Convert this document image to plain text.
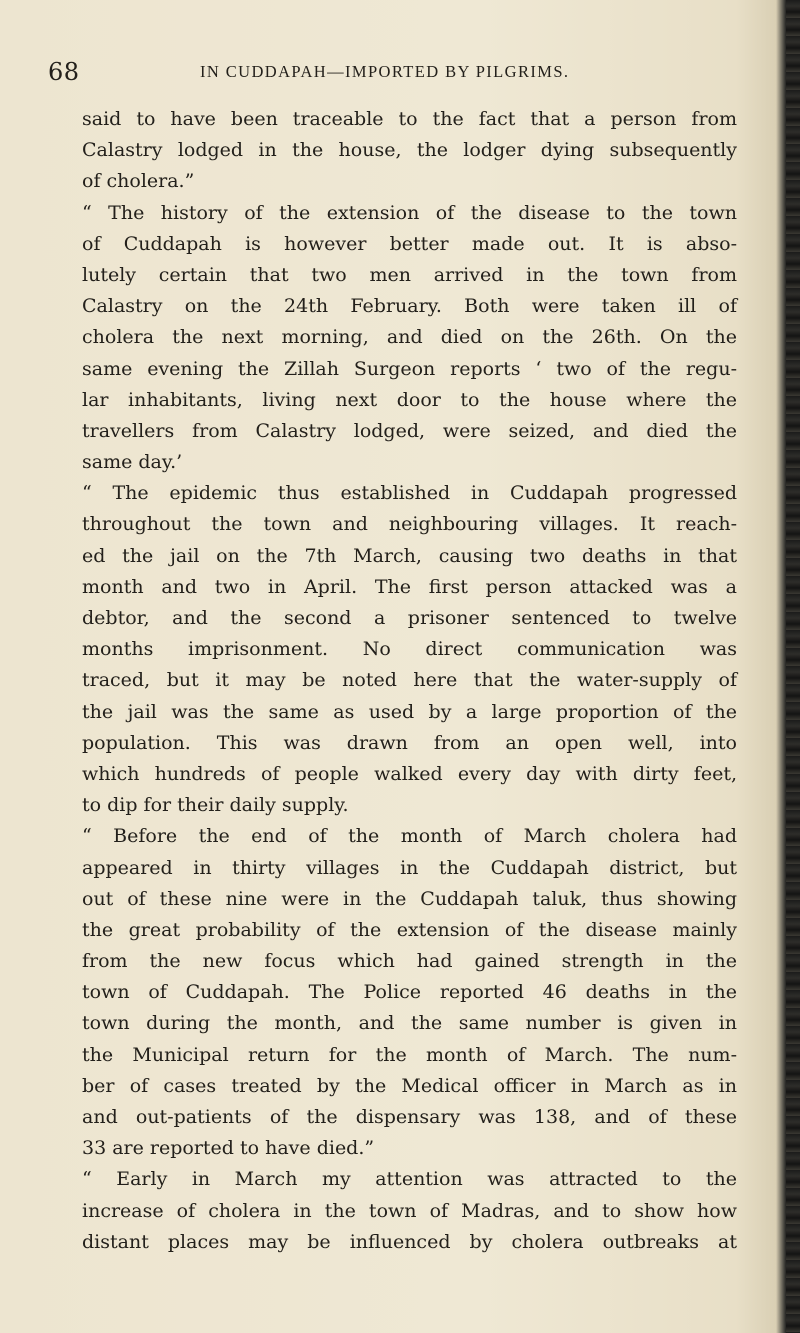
68	IN CUDDAPAH—IMPORTED BY PILGRIMS.
said to have been traceable to the fact that a person from
Calastry lodged in the house, the lodger dying subsequently
of cholera.”
“ The history of the extension of the disease to the town
of Cuddapah is however better made out. It is abso-
lutely certain that two men arrived in the town from
Calastry on the 24th February. Both were taken ill of
cholera the next morning, and died on the 26th. On the
same evening the Zillah Surgeon reports ‘ two of the regu-
lar inhabitants, living next door to the house where the
travellers from Calastry lodged, were seized, and died the
same day.’
“ The epidemic thus established in Cuddapah progressed
throughout the town and neighbouring villages. It reach-
ed the jail on the 7th March, causing two deaths in that
month and two in April. The first person attacked was a
debtor, and the second a prisoner sentenced to twelve
months imprisonment. No direct communication was
traced, but it may be noted here that the water-supply of
the jail was the same as used by a large proportion of the
population. This was drawn from an open well, into
which hundreds of people walked every day with dirty feet,
to dip for their daily supply.
“ Before the end of the month of March cholera had
appeared in thirty villages in the Cuddapah district, but
out of these nine were in the Cuddapah taluk, thus showing
the great probability of the extension of the disease mainly
from the new focus which had gained strength in the
town of Cuddapah. The Police reported 46 deaths in the
town during the month, and the same number is given in
the Municipal return for the month of March. The num-
ber of cases treated by the Medical officer in March as in
and out-patients of the dispensary was 138, and of these
33 are reported to have died.”
“ Early in March my attention was attracted to the
increase of cholera in the town of Madras, and to show how
distant places may be influenced by cholera outbreaks at
